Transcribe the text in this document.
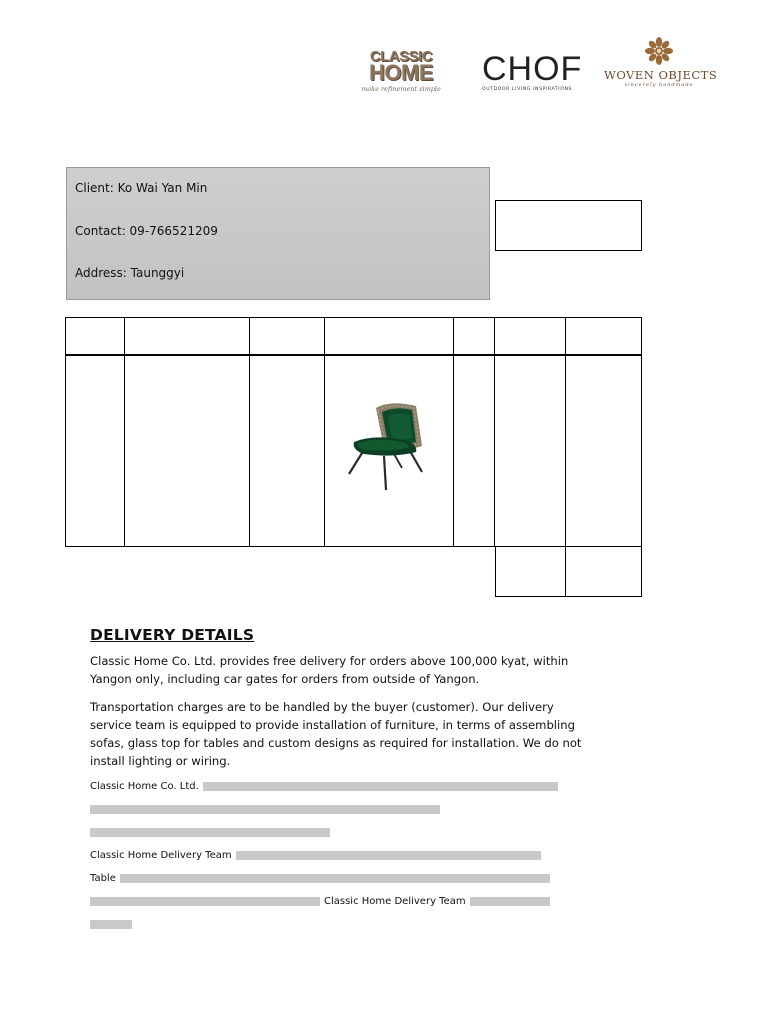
CLASSIC
HOME
make refinement simple
CHOF
OUTDOOR LIVING INSPIRATIONS
WOVEN OBJECTS
sincerely handmade
Client: Ko Wai Yan Min
Contact: 09-766521209
Address: Taunggyi

DELIVERY DETAILS

Classic Home Co. Ltd. provides free delivery for orders above 100,000 kyat, within Yangon only, including car gates for orders from outside of Yangon.

Transportation charges are to be handled by the buyer (customer). Our delivery service team is equipped to provide installation of furniture, in terms of assembling sofas, glass top for tables and custom designs as required for installation. We do not install lighting or wiring.

Classic Home Co. Ltd.
Classic Home Delivery Team
Table
Classic Home Delivery Team
